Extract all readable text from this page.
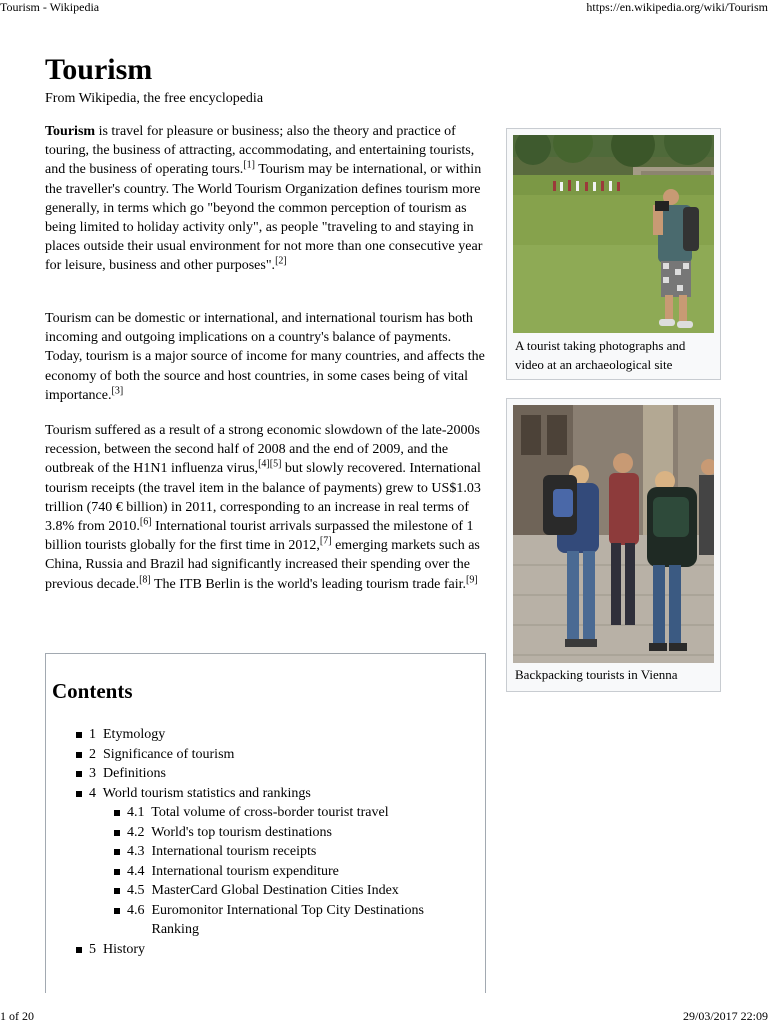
Tourism - Wikipedia	https://en.wikipedia.org/wiki/Tourism
1 of 20	29/03/2017 22:09
Tourism
From Wikipedia, the free encyclopedia

Tourism is travel for pleasure or business; also the theory and practice of touring, the business of attracting, accommodating, and entertaining tourists, and the business of operating tours.[1] Tourism may be international, or within the traveller's country. The World Tourism Organization defines tourism more generally, in terms which go "beyond the common perception of tourism as being limited to holiday activity only", as people "traveling to and staying in places outside their usual environment for not more than one consecutive year for leisure, business and other purposes".[2]

Tourism can be domestic or international, and international tourism has both incoming and outgoing implications on a country's balance of payments. Today, tourism is a major source of income for many countries, and affects the economy of both the source and host countries, in some cases being of vital importance.[3]

Tourism suffered as a result of a strong economic slowdown of the late-2000s recession, between the second half of 2008 and the end of 2009, and the outbreak of the H1N1 influenza virus,[4][5] but slowly recovered. International tourism receipts (the travel item in the balance of payments) grew to US$1.03 trillion (740 € billion) in 2011, corresponding to an increase in real terms of 3.8% from 2010.[6] International tourist arrivals surpassed the milestone of 1 billion tourists globally for the first time in 2012,[7] emerging markets such as China, Russia and Brazil had significantly increased their spending over the previous decade.[8] The ITB Berlin is the world's leading tourism trade fair.[9]

A tourist taking photographs and video at an archaeological site
Backpacking tourists in Vienna
Contents
1 Etymology
2 Significance of tourism
3 Definitions
4 World tourism statistics and rankings
4.1 Total volume of cross-border tourist travel
4.2 World's top tourism destinations
4.3 International tourism receipts
4.4 International tourism expenditure
4.5 MasterCard Global Destination Cities Index
4.6 Euromonitor International Top City Destinations Ranking
5 History
